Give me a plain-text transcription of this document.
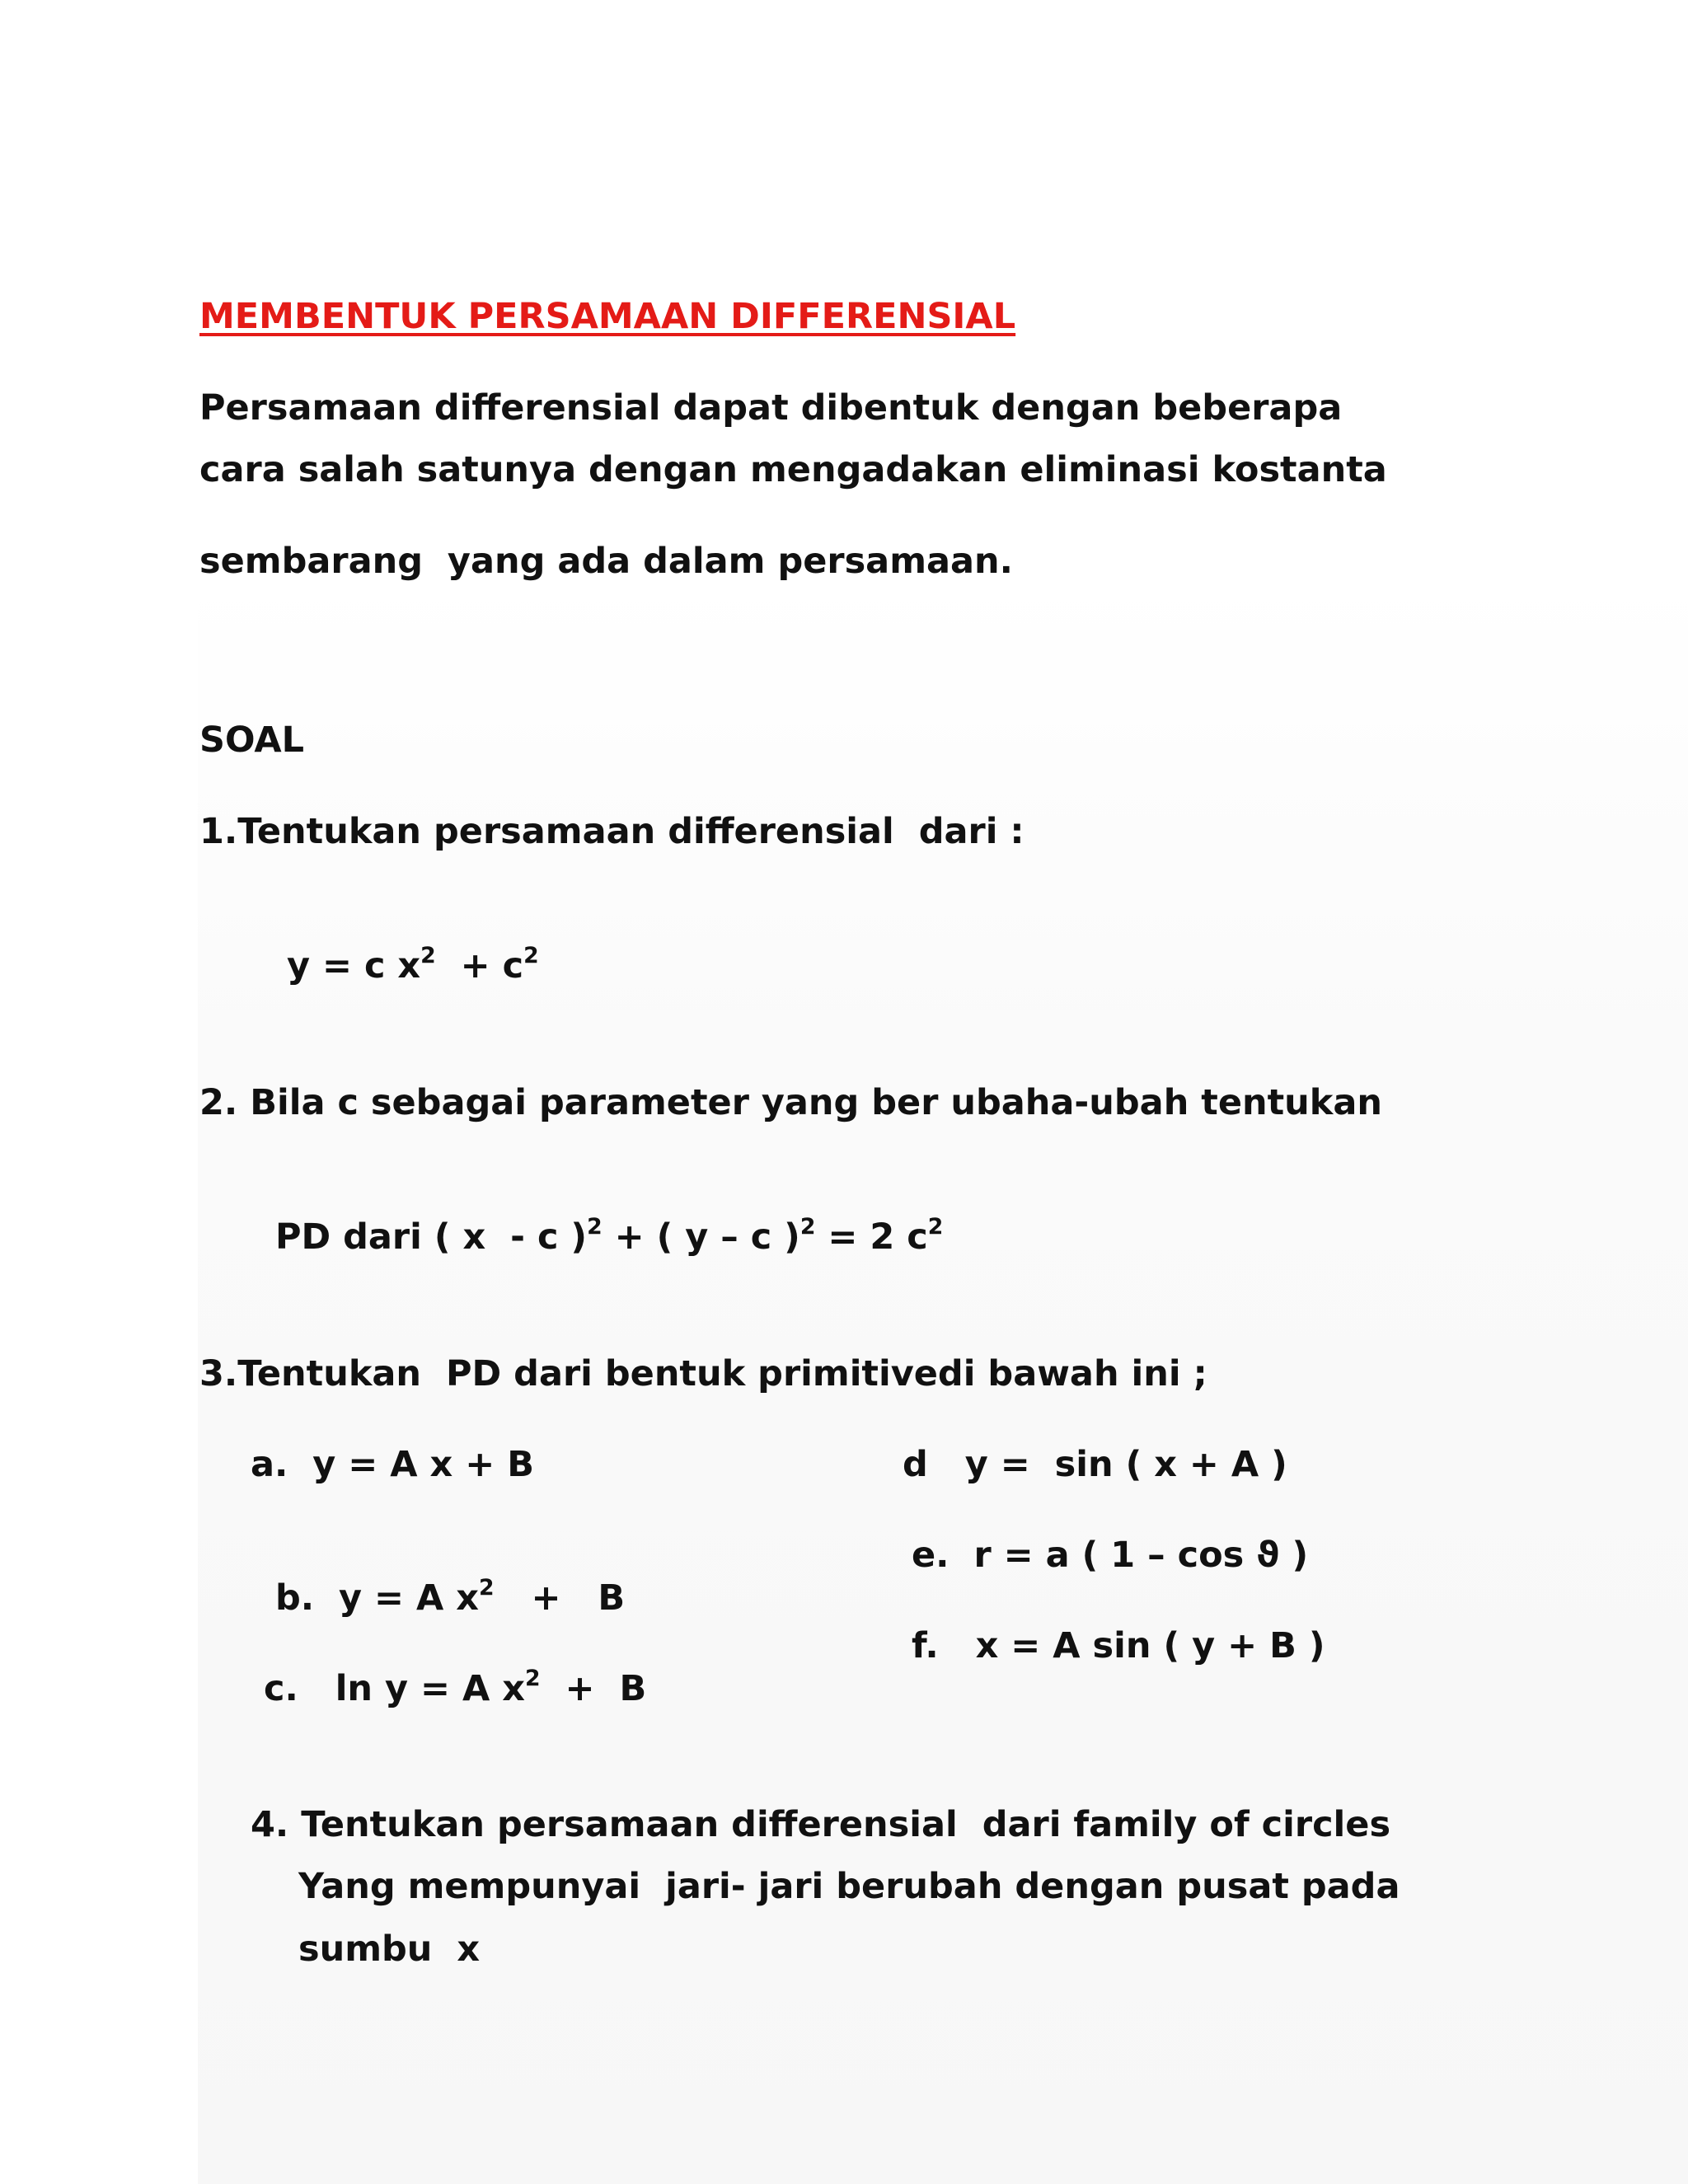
MEMBENTUK PERSAMAAN DIFFERENSIAL
Persamaan differensial dapat dibentuk dengan beberapa
cara salah satunya dengan mengadakan eliminasi kostanta
sembarang  yang ada dalam persamaan.
SOAL
1.Tentukan persamaan differensial  dari :

y = c $x^2 + c^2$

2. Bila c sebagai parameter yang ber ubaha-ubah tentukan

PD dari ( x  - c )$^2$ + ( y – c )$^2$ = 2 $c^2$

3.Tentukan  PD dari bentuk primitivedi bawah ini ;
a.  y = A x + B

b.  y = A $x^2 + B$

c.   ln y = A $x^2 + B$

d   y =  sin ( x + A )
e.  r = a ( 1 – cos ϑ )
f.   x = A sin ( y + B )
4. Tentukan persamaan differensial  dari family of circles
Yang mempunyai  jari- jari berubah dengan pusat pada
sumbu  x
